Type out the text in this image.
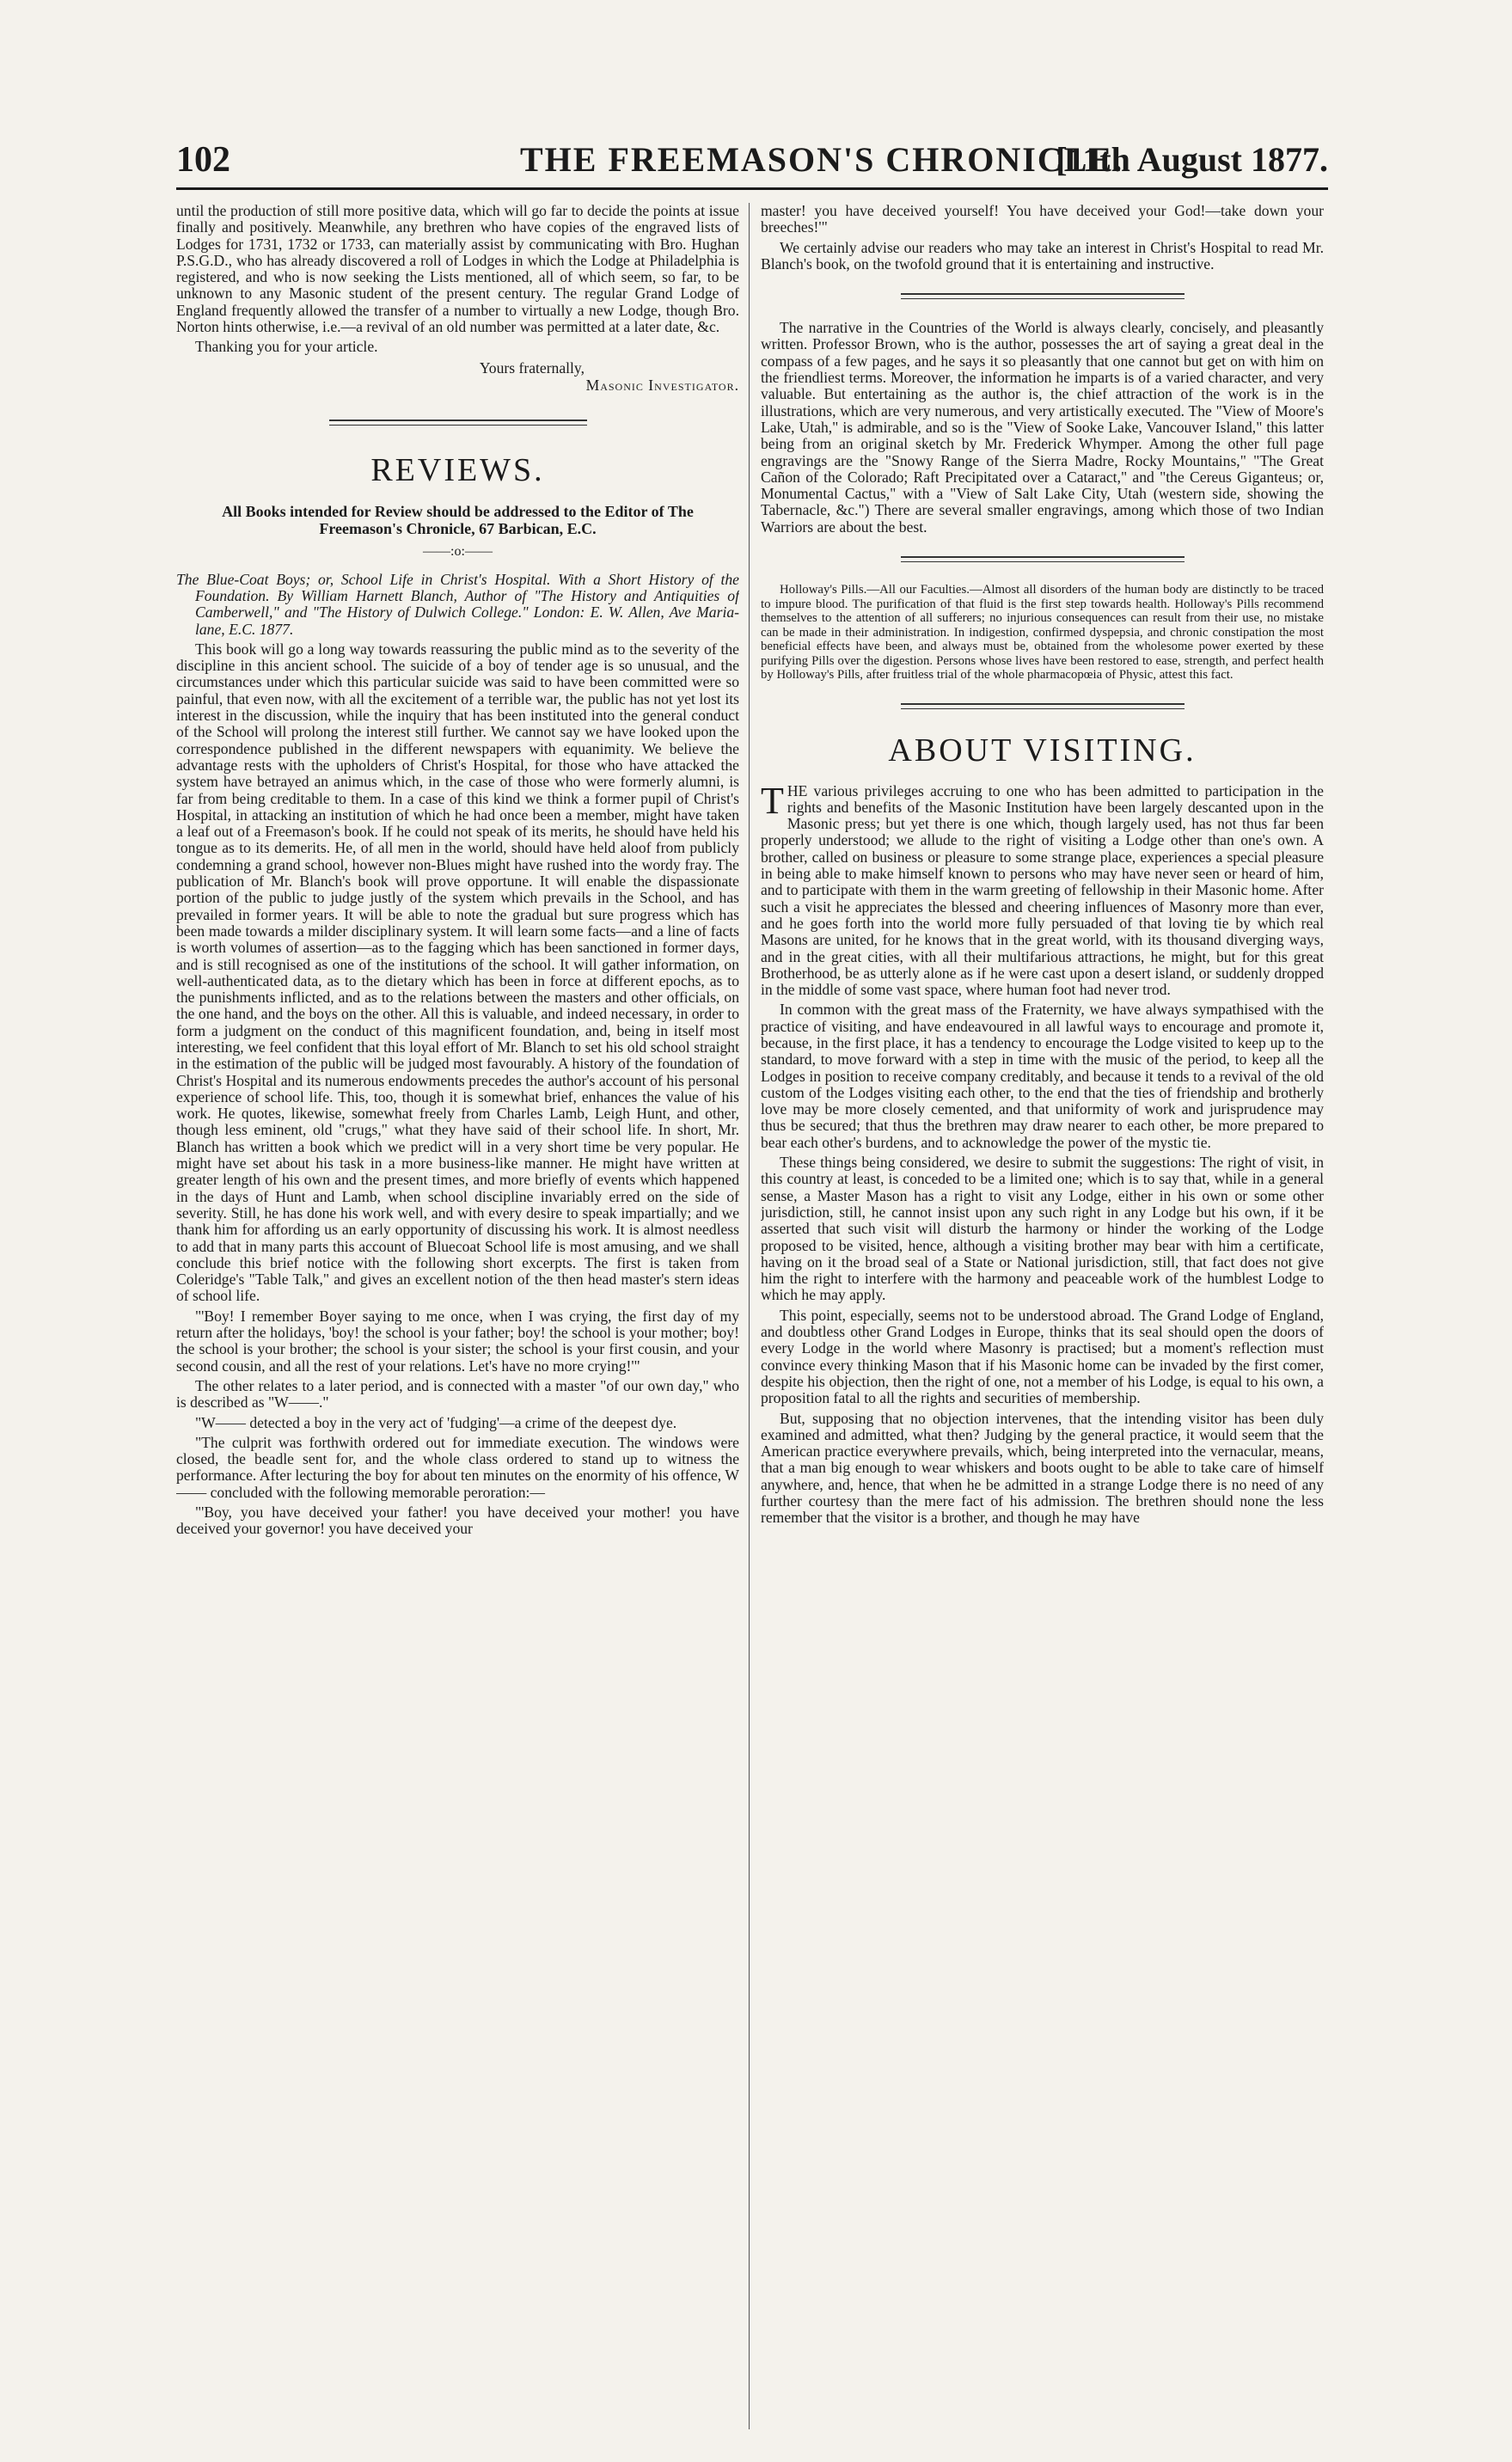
102	THE FREEMASON'S CHRONICLE.
[11th August 1877.

until the production of still more positive data, which will go far to decide the points at issue finally and positively. Meanwhile, any brethren who have copies of the engraved lists of Lodges for 1731, 1732 or 1733, can materially assist by communicating with Bro. Hughan P.S.G.D., who has already discovered a roll of Lodges in which the Lodge at Philadelphia is registered, and who is now seeking the Lists mentioned, all of which seem, so far, to be unknown to any Masonic student of the present century. The regular Grand Lodge of England frequently allowed the transfer of a number to virtually a new Lodge, though Bro. Norton hints otherwise, i.e.—a revival of an old number was permitted at a later date, &c.

Thanking you for your article.

Yours fraternally,
Masonic Investigator.
REVIEWS.
All Books intended for Review should be addressed to the Editor of The Freemason's Chronicle, 67 Barbican, E.C.
——:o:——

The Blue-Coat Boys; or, School Life in Christ's Hospital. With a Short History of the Foundation. By William Harnett Blanch, Author of "The History and Antiquities of Camberwell," and "The History of Dulwich College." London: E. W. Allen, Ave Maria-lane, E.C. 1877.

This book will go a long way towards reassuring the public mind as to the severity of the discipline in this ancient school. The suicide of a boy of tender age is so unusual, and the circumstances under which this particular suicide was said to have been committed were so painful, that even now, with all the excitement of a terrible war, the public has not yet lost its interest in the discussion, while the inquiry that has been instituted into the general conduct of the School will prolong the interest still further. We cannot say we have looked upon the correspondence published in the different newspapers with equanimity. We believe the advantage rests with the upholders of Christ's Hospital, for those who have attacked the system have betrayed an animus which, in the case of those who were formerly alumni, is far from being creditable to them. In a case of this kind we think a former pupil of Christ's Hospital, in attacking an institution of which he had once been a member, might have taken a leaf out of a Freemason's book. If he could not speak of its merits, he should have held his tongue as to its demerits. He, of all men in the world, should have held aloof from publicly condemning a grand school, however non-Blues might have rushed into the wordy fray. The publication of Mr. Blanch's book will prove opportune. It will enable the dispassionate portion of the public to judge justly of the system which prevails in the School, and has prevailed in former years. It will be able to note the gradual but sure progress which has been made towards a milder disciplinary system. It will learn some facts—and a line of facts is worth volumes of assertion—as to the fagging which has been sanctioned in former days, and is still recognised as one of the institutions of the school. It will gather information, on well-authenticated data, as to the dietary which has been in force at different epochs, as to the punishments inflicted, and as to the relations between the masters and other officials, on the one hand, and the boys on the other. All this is valuable, and indeed necessary, in order to form a judgment on the conduct of this magnificent foundation, and, being in itself most interesting, we feel confident that this loyal effort of Mr. Blanch to set his old school straight in the estimation of the public will be judged most favourably. A history of the foundation of Christ's Hospital and its numerous endowments precedes the author's account of his personal experience of school life. This, too, though it is somewhat brief, enhances the value of his work. He quotes, likewise, somewhat freely from Charles Lamb, Leigh Hunt, and other, though less eminent, old "crugs," what they have said of their school life. In short, Mr. Blanch has written a book which we predict will in a very short time be very popular. He might have set about his task in a more business-like manner. He might have written at greater length of his own and the present times, and more briefly of events which happened in the days of Hunt and Lamb, when school discipline invariably erred on the side of severity. Still, he has done his work well, and with every desire to speak impartially; and we thank him for affording us an early opportunity of discussing his work. It is almost needless to add that in many parts this account of Bluecoat School life is most amusing, and we shall conclude this brief notice with the following short excerpts. The first is taken from Coleridge's "Table Talk," and gives an excellent notion of the then head master's stern ideas of school life.

"'Boy! I remember Boyer saying to me once, when I was crying, the first day of my return after the holidays, 'boy! the school is your father; boy! the school is your mother; boy! the school is your brother; the school is your sister; the school is your first cousin, and your second cousin, and all the rest of your relations. Let's have no more crying!'"

The other relates to a later period, and is connected with a master "of our own day," who is described as "W——."

"W—— detected a boy in the very act of 'fudging'—a crime of the deepest dye.

"The culprit was forthwith ordered out for immediate execution. The windows were closed, the beadle sent for, and the whole class ordered to stand up to witness the performance. After lecturing the boy for about ten minutes on the enormity of his offence, W—— concluded with the following memorable peroration:—

"'Boy, you have deceived your father! you have deceived your mother! you have deceived your governor! you have deceived your

master! you have deceived yourself! You have deceived your God!—take down your breeches!'"

We certainly advise our readers who may take an interest in Christ's Hospital to read Mr. Blanch's book, on the twofold ground that it is entertaining and instructive.

The narrative in the Countries of the World is always clearly, concisely, and pleasantly written. Professor Brown, who is the author, possesses the art of saying a great deal in the compass of a few pages, and he says it so pleasantly that one cannot but get on with him on the friendliest terms. Moreover, the information he imparts is of a varied character, and very valuable. But entertaining as the author is, the chief attraction of the work is in the illustrations, which are very numerous, and very artistically executed. The "View of Moore's Lake, Utah," is admirable, and so is the "View of Sooke Lake, Vancouver Island," this latter being from an original sketch by Mr. Frederick Whymper. Among the other full page engravings are the "Snowy Range of the Sierra Madre, Rocky Mountains," "The Great Cañon of the Colorado; Raft Precipitated over a Cataract," and "the Cereus Giganteus; or, Monumental Cactus," with a "View of Salt Lake City, Utah (western side, showing the Tabernacle, &c.") There are several smaller engravings, among which those of two Indian Warriors are about the best.

Holloway's Pills.—All our Faculties.—Almost all disorders of the human body are distinctly to be traced to impure blood. The purification of that fluid is the first step towards health. Holloway's Pills recommend themselves to the attention of all sufferers; no injurious consequences can result from their use, no mistake can be made in their administration. In indigestion, confirmed dyspepsia, and chronic constipation the most beneficial effects have been, and always must be, obtained from the wholesome power exerted by these purifying Pills over the digestion. Persons whose lives have been restored to ease, strength, and perfect health by Holloway's Pills, after fruitless trial of the whole pharmacopœia of Physic, attest this fact.

ABOUT VISITING.

THE various privileges accruing to one who has been admitted to participation in the rights and benefits of the Masonic Institution have been largely descanted upon in the Masonic press; but yet there is one which, though largely used, has not thus far been properly understood; we allude to the right of visiting a Lodge other than one's own. A brother, called on business or pleasure to some strange place, experiences a special pleasure in being able to make himself known to persons who may have never seen or heard of him, and to participate with them in the warm greeting of fellowship in their Masonic home. After such a visit he appreciates the blessed and cheering influences of Masonry more than ever, and he goes forth into the world more fully persuaded of that loving tie by which real Masons are united, for he knows that in the great world, with its thousand diverging ways, and in the great cities, with all their multifarious attractions, he might, but for this great Brotherhood, be as utterly alone as if he were cast upon a desert island, or suddenly dropped in the middle of some vast space, where human foot had never trod.

In common with the great mass of the Fraternity, we have always sympathised with the practice of visiting, and have endeavoured in all lawful ways to encourage and promote it, because, in the first place, it has a tendency to encourage the Lodge visited to keep up to the standard, to move forward with a step in time with the music of the period, to keep all the Lodges in position to receive company creditably, and because it tends to a revival of the old custom of the Lodges visiting each other, to the end that the ties of friendship and brotherly love may be more closely cemented, and that uniformity of work and jurisprudence may thus be secured; that thus the brethren may draw nearer to each other, be more prepared to bear each other's burdens, and to acknowledge the power of the mystic tie.

These things being considered, we desire to submit the suggestions: The right of visit, in this country at least, is conceded to be a limited one; which is to say that, while in a general sense, a Master Mason has a right to visit any Lodge, either in his own or some other jurisdiction, still, he cannot insist upon any such right in any Lodge but his own, if it be asserted that such visit will disturb the harmony or hinder the working of the Lodge proposed to be visited, hence, although a visiting brother may bear with him a certificate, having on it the broad seal of a State or National jurisdiction, still, that fact does not give him the right to interfere with the harmony and peaceable work of the humblest Lodge to which he may apply.

This point, especially, seems not to be understood abroad. The Grand Lodge of England, and doubtless other Grand Lodges in Europe, thinks that its seal should open the doors of every Lodge in the world where Masonry is practised; but a moment's reflection must convince every thinking Mason that if his Masonic home can be invaded by the first comer, despite his objection, then the right of one, not a member of his Lodge, is equal to his own, a proposition fatal to all the rights and securities of membership.

But, supposing that no objection intervenes, that the intending visitor has been duly examined and admitted, what then? Judging by the general practice, it would seem that the American practice everywhere prevails, which, being interpreted into the vernacular, means, that a man big enough to wear whiskers and boots ought to be able to take care of himself anywhere, and, hence, that when he be admitted in a strange Lodge there is no need of any further courtesy than the mere fact of his admission. The brethren should none the less remember that the visitor is a brother, and though he may have
